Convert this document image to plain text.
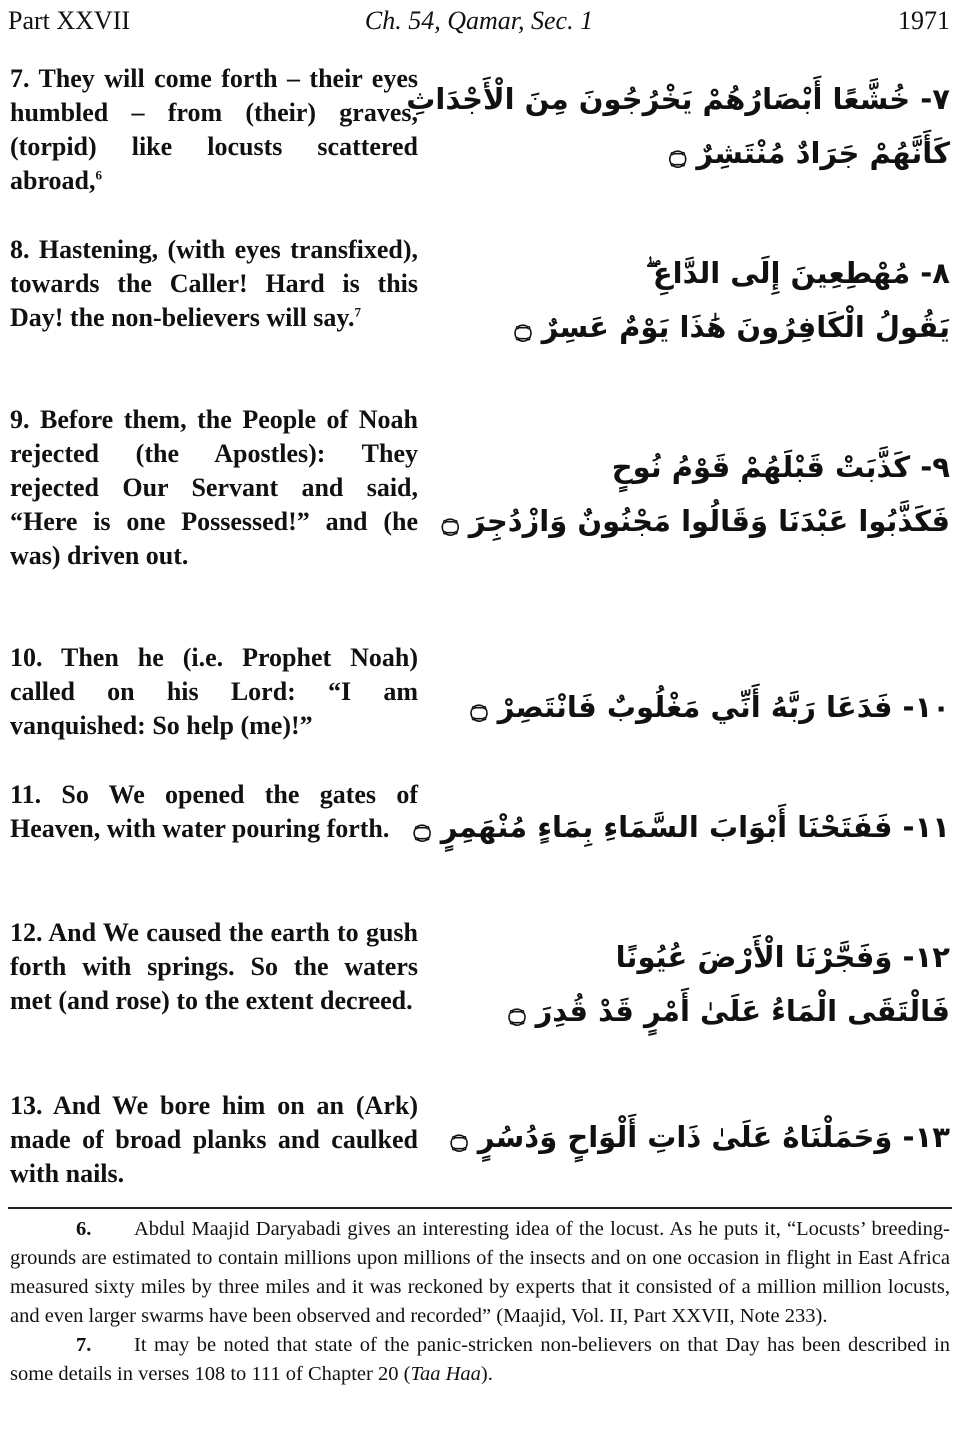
Part XXVII	Ch. 54, Qamar, Sec. 1	1971
7. They will come forth – their eyes humbled – from (their) graves, (torpid) like locusts scattered abroad,$^6$
٧- خُشَّعًا أَبْصَارُهُمْ يَخْرُجُونَ مِنَ الْأَجْدَاثِ
كَأَنَّهُمْ جَرَادٌ مُنْتَشِرٌ ۝
8. Hastening, (with eyes transfixed), towards the Caller! Hard is this Day! the non-believers will say.$^7$
٨- مُهْطِعِينَ إِلَى الدَّاعِ ۖ
يَقُولُ الْكَافِرُونَ هَٰذَا يَوْمٌ عَسِرٌ ۝
9. Before them, the People of Noah rejected (the Apostles): They rejected Our Servant and said, “Here is one Possessed!” and (he was) driven out.
٩- كَذَّبَتْ قَبْلَهُمْ قَوْمُ نُوحٍ
فَكَذَّبُوا عَبْدَنَا وَقَالُوا مَجْنُونٌ وَازْدُجِرَ ۝
10. Then he (i.e. Prophet Noah) called on his Lord: “I am vanquished: So help (me)!”
١٠- فَدَعَا رَبَّهُ أَنِّي مَغْلُوبٌ فَانْتَصِرْ ۝
11. So We opened the gates of Heaven, with water pouring forth. ١١- فَفَتَحْنَا أَبْوَابَ السَّمَاءِ بِمَاءٍ مُنْهَمِرٍ ۝
12. And We caused the earth to gush forth with springs. So the waters met (and rose) to the extent decreed.
١٢- وَفَجَّرْنَا الْأَرْضَ عُيُونًا
فَالْتَقَى الْمَاءُ عَلَىٰ أَمْرٍ قَدْ قُدِرَ ۝
13. And We bore him on an (Ark) made of broad planks and caulked with nails.
١٣- وَحَمَلْنَاهُ عَلَىٰ ذَاتِ أَلْوَاحٍ وَدُسُرٍ ۝

6. Abdul Maajid Daryabadi gives an interesting idea of the locust. As he puts it, “Locusts’ breeding-grounds are estimated to contain millions upon millions of the insects and on one occasion in flight in East Africa measured sixty miles by three miles and it was reckoned by experts that it consisted of a million million locusts, and even larger swarms have been observed and recorded” (Maajid, Vol. II, Part XXVII, Note 233).

7. It may be noted that state of the panic-stricken non-believers on that Day has been described in some details in verses 108 to 111 of Chapter 20 (Taa Haa).
